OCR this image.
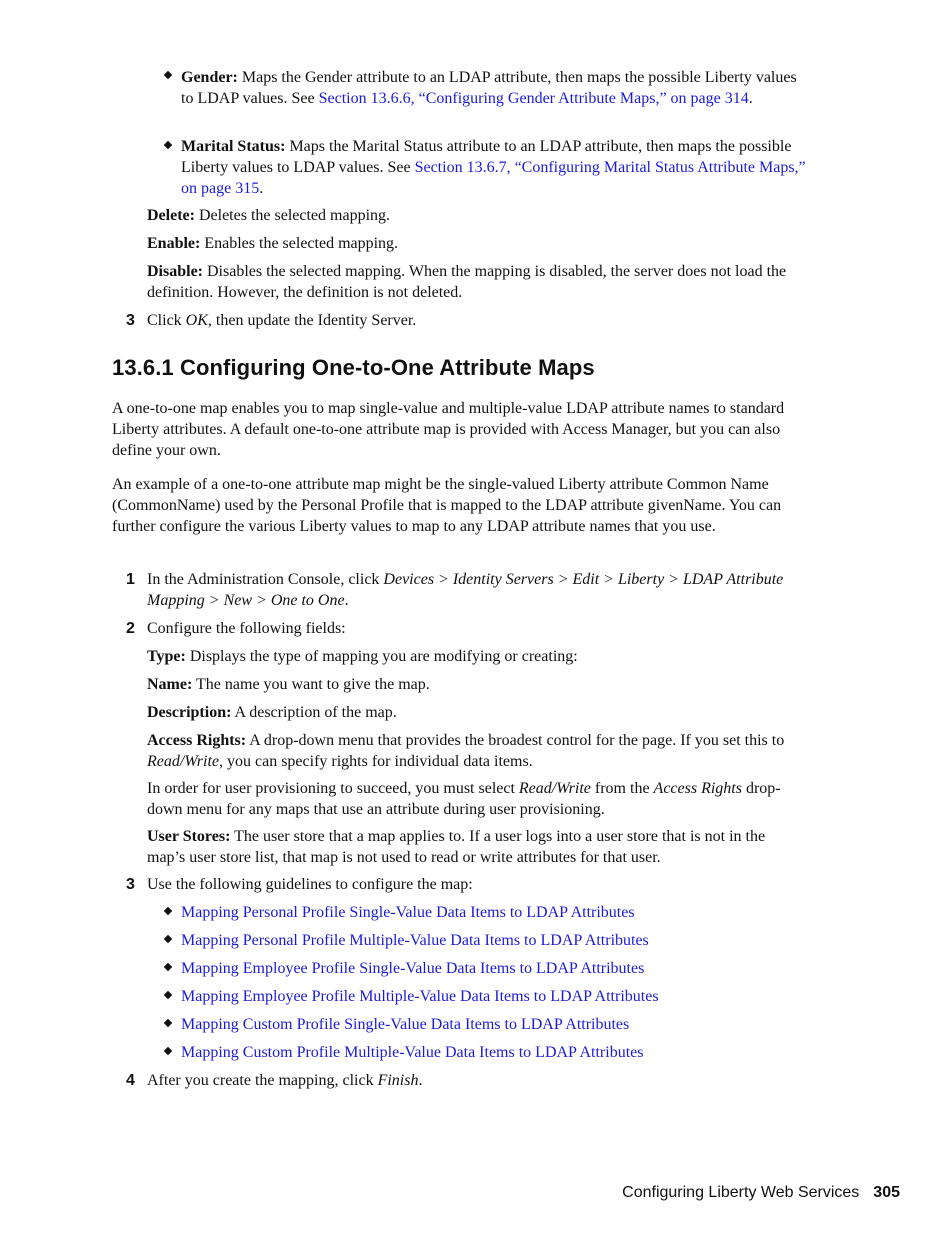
Gender: Maps the Gender attribute to an LDAP attribute, then maps the possible Liberty values to LDAP values. See Section 13.6.6, “Configuring Gender Attribute Maps,” on page 314.

Marital Status: Maps the Marital Status attribute to an LDAP attribute, then maps the possible Liberty values to LDAP values. See Section 13.6.7, “Configuring Marital Status Attribute Maps,” on page 315.

Delete: Deletes the selected mapping.

Enable: Enables the selected mapping.

Disable: Disables the selected mapping. When the mapping is disabled, the server does not load the definition. However, the definition is not deleted.

3 Click OK, then update the Identity Server.

13.6.1 Configuring One-to-One Attribute Maps

A one-to-one map enables you to map single-value and multiple-value LDAP attribute names to standard Liberty attributes. A default one-to-one attribute map is provided with Access Manager, but you can also define your own.

An example of a one-to-one attribute map might be the single-valued Liberty attribute Common Name (CommonName) used by the Personal Profile that is mapped to the LDAP attribute givenName. You can further configure the various Liberty values to map to any LDAP attribute names that you use.

1 In the Administration Console, click Devices > Identity Servers > Edit > Liberty > LDAP Attribute Mapping > New > One to One.

2 Configure the following fields:

Type: Displays the type of mapping you are modifying or creating:

Name: The name you want to give the map.

Description: A description of the map.

Access Rights: A drop-down menu that provides the broadest control for the page. If you set this to Read/Write, you can specify rights for individual data items.

In order for user provisioning to succeed, you must select Read/Write from the Access Rights drop-down menu for any maps that use an attribute during user provisioning.

User Stores: The user store that a map applies to. If a user logs into a user store that is not in the map’s user store list, that map is not used to read or write attributes for that user.

3 Use the following guidelines to configure the map:

Mapping Personal Profile Single-Value Data Items to LDAP Attributes

Mapping Personal Profile Multiple-Value Data Items to LDAP Attributes

Mapping Employee Profile Single-Value Data Items to LDAP Attributes

Mapping Employee Profile Multiple-Value Data Items to LDAP Attributes

Mapping Custom Profile Single-Value Data Items to LDAP Attributes

Mapping Custom Profile Multiple-Value Data Items to LDAP Attributes

4 After you create the mapping, click Finish.

Configuring Liberty Web Services 305
